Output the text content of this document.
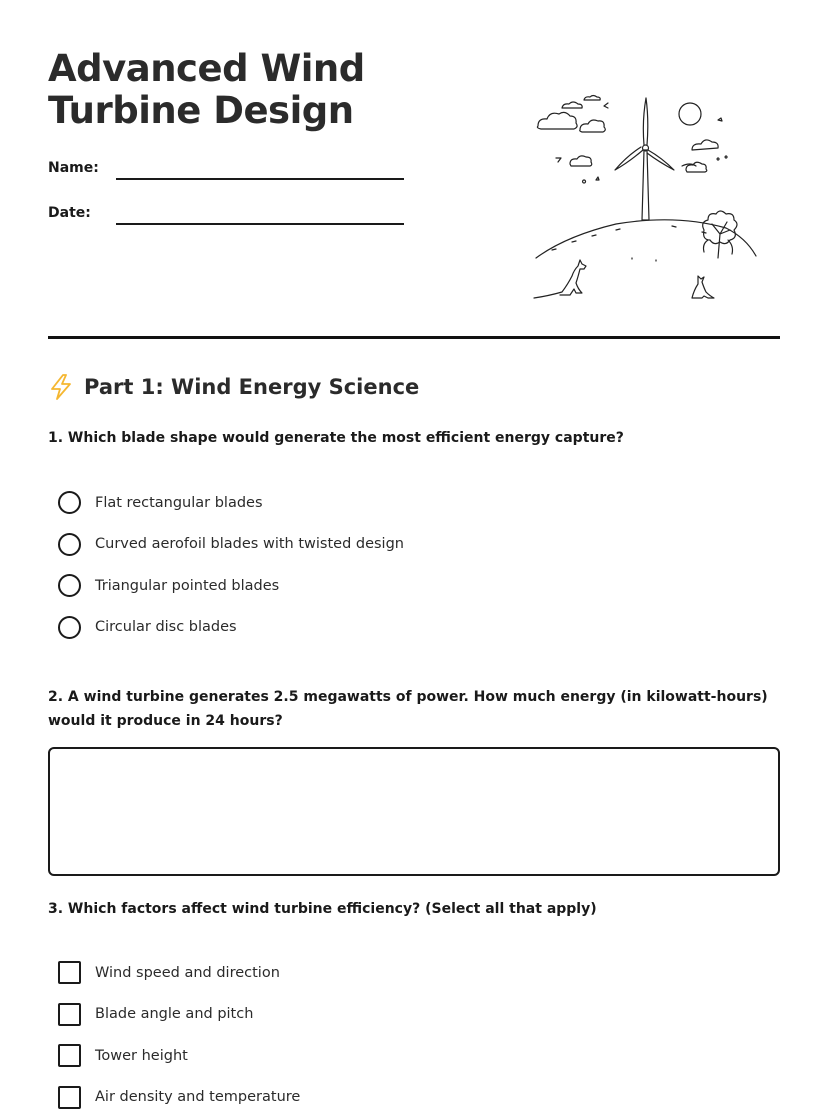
Advanced Wind Turbine Design
Name:
Date:
Part 1: Wind Energy Science

1. Which blade shape would generate the most efficient energy capture?

Flat rectangular blades
Curved aerofoil blades with twisted design
Triangular pointed blades
Circular disc blades

2. A wind turbine generates 2.5 megawatts of power. How much energy (in kilowatt-hours) would it produce in 24 hours?

3. Which factors affect wind turbine efficiency? (Select all that apply)

Wind speed and direction
Blade angle and pitch
Tower height
Air density and temperature
